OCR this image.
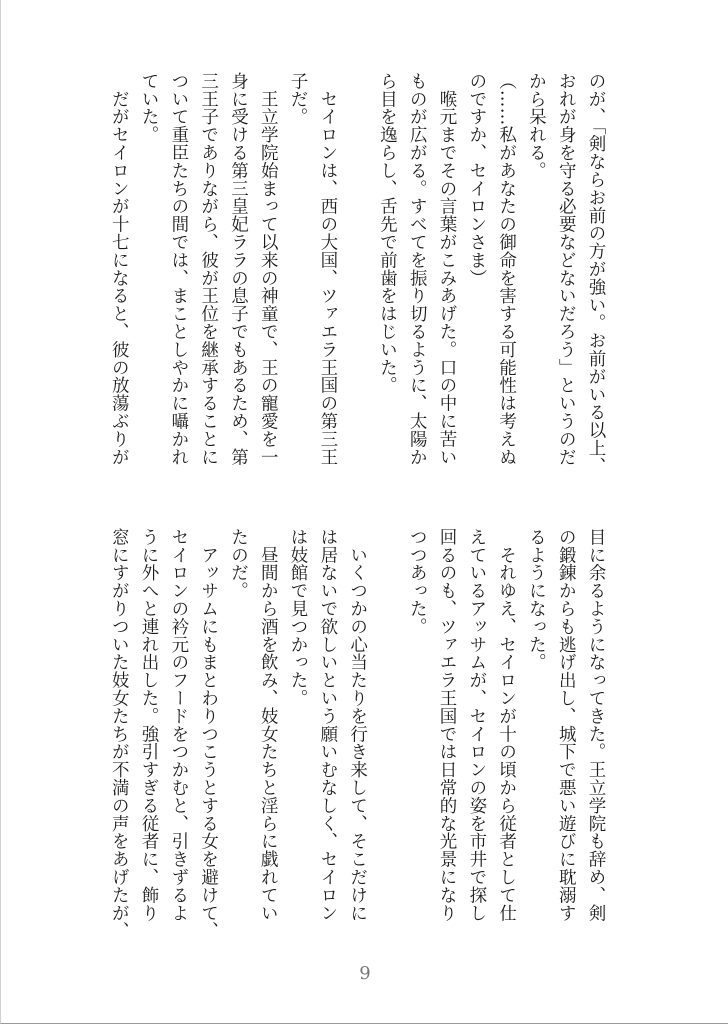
のが、「剣ならお前の方が強い。お前がいる以上、
おれが身を守る必要などないだろう」というのだ
から呆れる。
（……私があなたの御命を害する可能性は考えぬ
のですか、セイロンさま）
　喉元までその言葉がこみあげた。口の中に苦い
ものが広がる。すべてを振り切るように、太陽か
ら目を逸らし、舌先で前歯をはじいた。

　セイロンは、西の大国、ツァエラ王国の第三王
子だ。
　王立学院始まって以来の神童で、王の寵愛を一
身に受ける第三皇妃ララの息子でもあるため、第
三王子でありながら、彼が王位を継承することに
ついて重臣たちの間では、まことしやかに囁かれ
ていた。
　だがセイロンが十七になると、彼の放蕩ぶりが
目に余るようになってきた。王立学院も辞め、剣
の鍛錬からも逃げ出し、城下で悪い遊びに耽溺す
るようになった。
　それゆえ、セイロンが十の頃から従者として仕
えているアッサムが、セイロンの姿を市井で探し
回るのも、ツァエラ王国では日常的な光景になり
つつあった。

　いくつかの心当たりを行き来して、そこだけに
は居ないで欲しいという願いむなしく、セイロン
は妓館で見つかった。
　昼間から酒を飲み、妓女たちと淫らに戯れてい
たのだ。
　アッサムにもまとわりつこうとする女を避けて、
セイロンの衿元のフードをつかむと、引きずるよ
うに外へと連れ出した。強引すぎる従者に、飾り
窓にすがりついた妓女たちが不満の声をあげたが、
9
